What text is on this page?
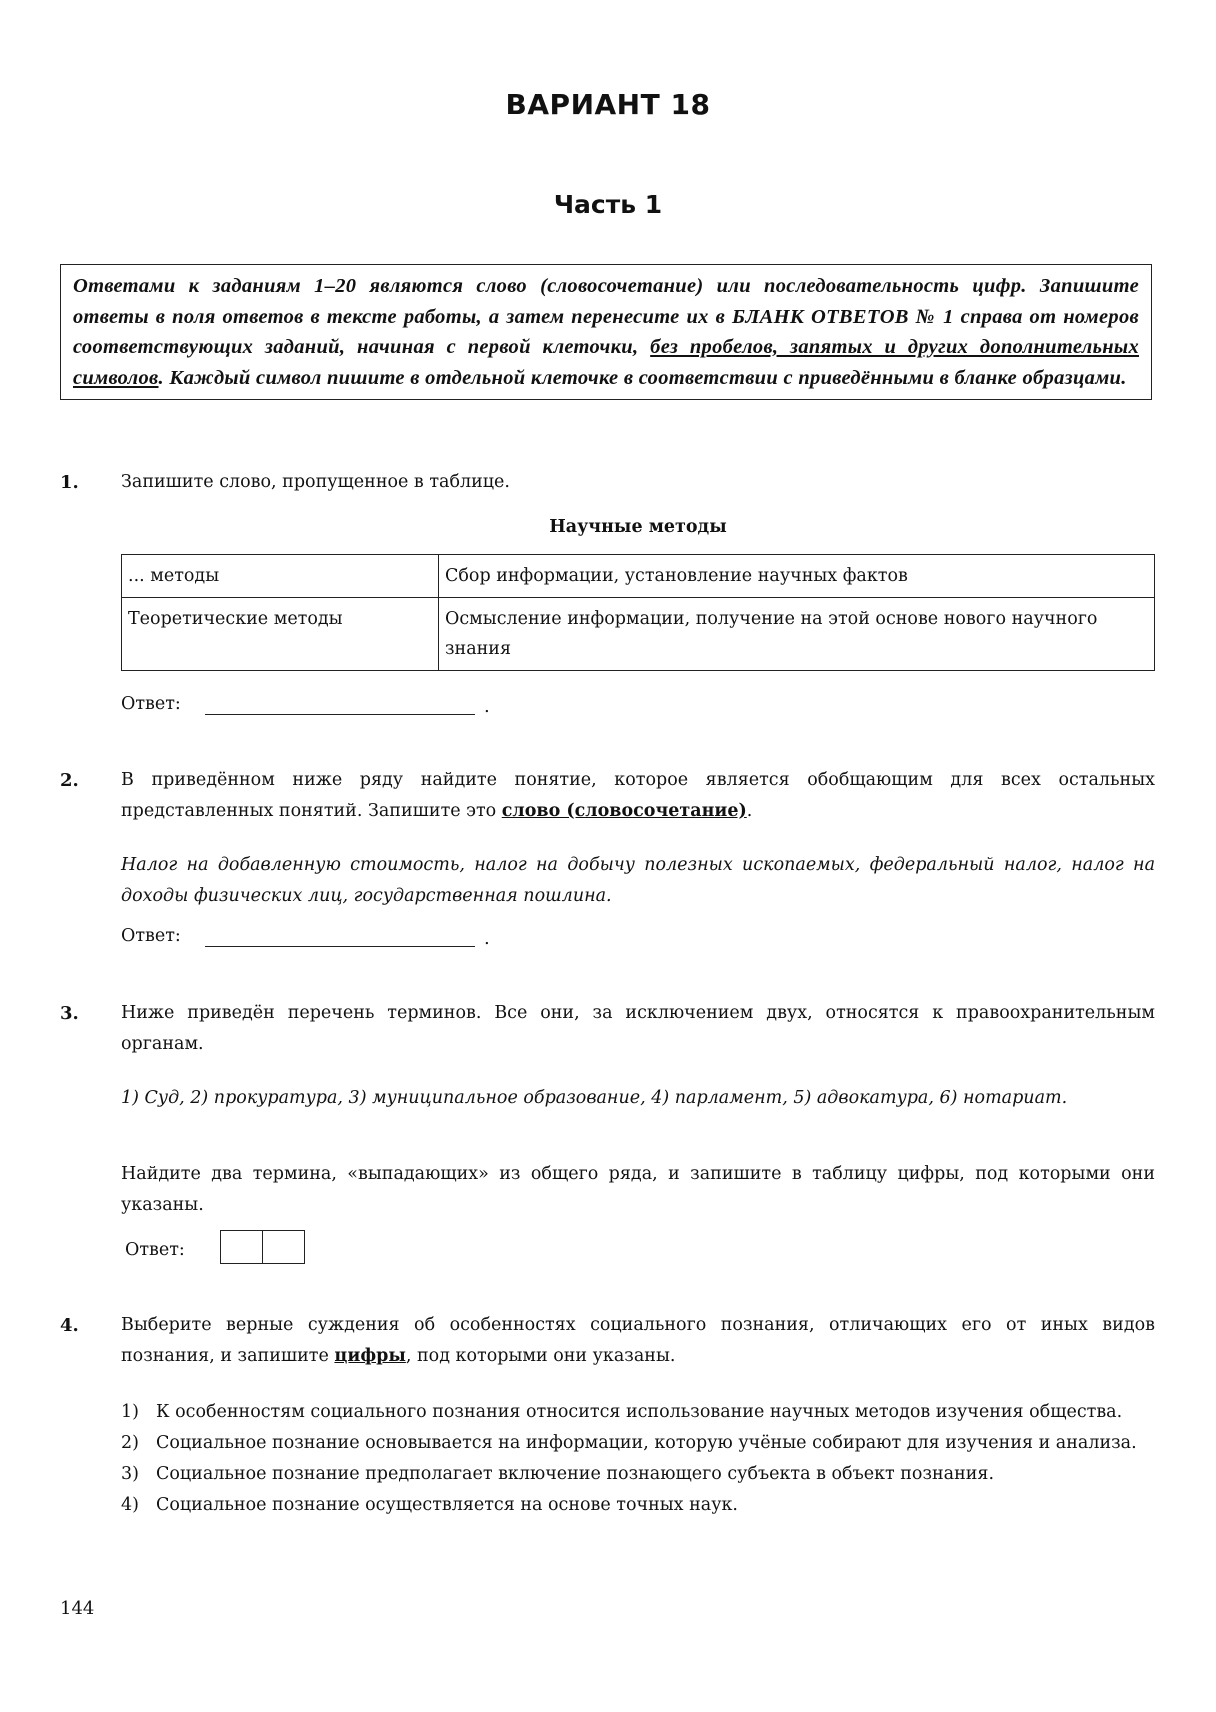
ВАРИАНТ 18
Часть 1
Ответами к заданиям 1–20 являются слово (словосочетание) или последовательность цифр. Запишите ответы в поля ответов в тексте работы, а затем перенесите их в БЛАНК ОТВЕТОВ № 1 справа от номеров соответствующих заданий, начиная с первой клеточки, без пробелов, запятых и других дополнительных символов. Каждый символ пишите в отдельной клеточке в соответствии с приведёнными в бланке образцами.
1. Запишите слово, пропущенное в таблице.
Научные методы
... методы	Сбор информации, установление научных фактов
Теоретические методы	Осмысление информации, получение на этой основе нового научного знания
Ответ:	.
2. В приведённом ниже ряду найдите понятие, которое является обобщающим для всех остальных представленных понятий. Запишите это слово (словосочетание).
Налог на добавленную стоимость, налог на добычу полезных ископаемых, федеральный налог, налог на доходы физических лиц, государственная пошлина.
Ответ:	.
3. Ниже приведён перечень терминов. Все они, за исключением двух, относятся к правоохранительным органам.
1) Суд, 2) прокуратура, 3) муниципальное образование, 4) парламент, 5) адвокатура, 6) нотариат.
Найдите два термина, «выпадающих» из общего ряда, и запишите в таблицу цифры, под которыми они указаны.
Ответ:
4. Выберите верные суждения об особенностях социального познания, отличающих его от иных видов познания, и запишите цифры, под которыми они указаны.
1) К особенностям социального познания относится использование научных методов изучения общества.
2) Социальное познание основывается на информации, которую учёные собирают для изучения и анализа.
3) Социальное познание предполагает включение познающего субъекта в объект познания.
4) Социальное познание осуществляется на основе точных наук.
144
